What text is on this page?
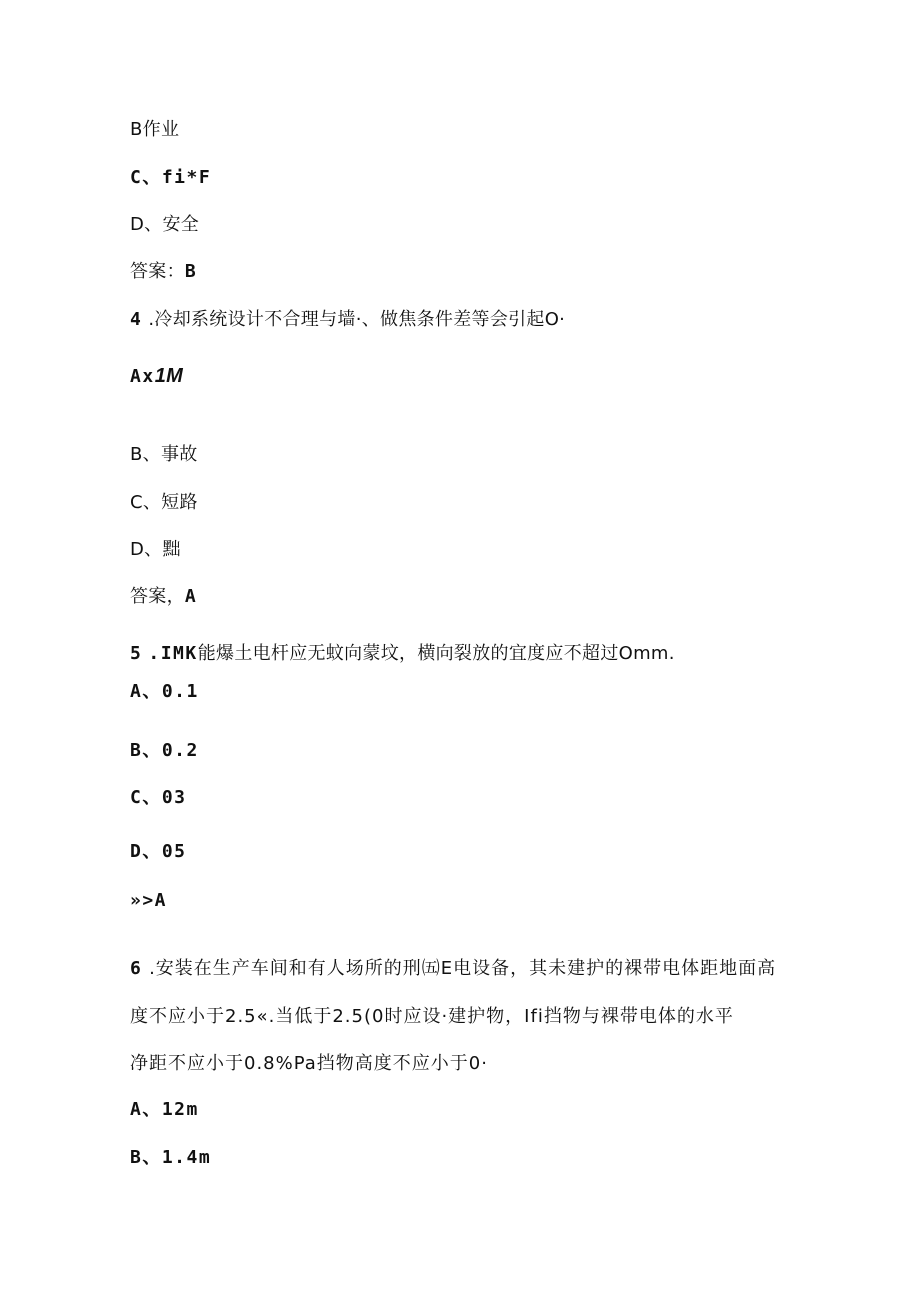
B作业
C、fi*F
D、安全
答案：B
4 .冷却系统设计不合理与墙·、做焦条件差等会引起O·
Ax1M
B、事故
C、短路
D、黜
答案，A
5 .IMK能爆土电杆应无蚊向蒙坟，横向裂放的宜度应不超过Omm.
A、0.1
B、0.2
C、03
D、05
»>A
6 .安装在生产车间和有人场所的刑㈤E电设备，其未建护的裸带电体距地面高
度不应小于2.5«.当低于2.5(0时应设·建护物，Ifi挡物与裸带电体的水平
净距不应小于0.8%Pa挡物高度不应小于0·
A、12m
B、1.4m
